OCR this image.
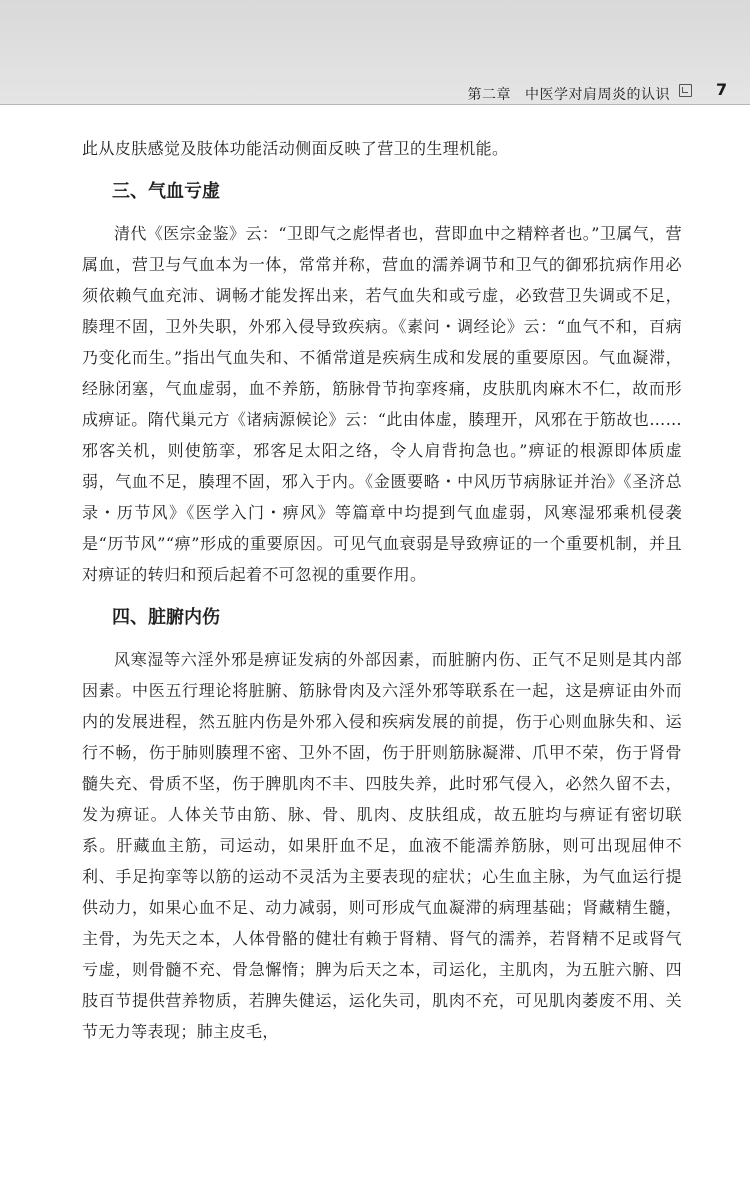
第二章 中医学对肩周炎的认识	7

此从皮肤感觉及肢体功能活动侧面反映了营卫的生理机能。

三、气血亏虚

清代《医宗金鉴》云：“卫即气之彪悍者也，营即血中之精粹者也。”卫属气，营属血，营卫与气血本为一体，常常并称，营血的濡养调节和卫气的御邪抗病作用必须依赖气血充沛、调畅才能发挥出来，若气血失和或亏虚，必致营卫失调或不足，腠理不固，卫外失职，外邪入侵导致疾病。《素问・调经论》云：“血气不和，百病乃变化而生。”指出气血失和、不循常道是疾病生成和发展的重要原因。气血凝滞，经脉闭塞，气血虚弱，血不养筋，筋脉骨节拘挛疼痛，皮肤肌肉麻木不仁，故而形成痹证。隋代巢元方《诸病源候论》云：“此由体虚，腠理开，风邪在于筋故也……邪客关机，则使筋挛，邪客足太阳之络，令人肩背拘急也。”痹证的根源即体质虚弱，气血不足，腠理不固，邪入于内。《金匮要略・中风历节病脉证并治》《圣济总录・历节风》《医学入门・痹风》等篇章中均提到气血虚弱，风寒湿邪乘机侵袭是“历节风”“痹”形成的重要原因。可见气血衰弱是导致痹证的一个重要机制，并且对痹证的转归和预后起着不可忽视的重要作用。

四、脏腑内伤

风寒湿等六淫外邪是痹证发病的外部因素，而脏腑内伤、正气不足则是其内部因素。中医五行理论将脏腑、筋脉骨肉及六淫外邪等联系在一起，这是痹证由外而内的发展进程，然五脏内伤是外邪入侵和疾病发展的前提，伤于心则血脉失和、运行不畅，伤于肺则腠理不密、卫外不固，伤于肝则筋脉凝滞、爪甲不荣，伤于肾骨髓失充、骨质不坚，伤于脾肌肉不丰、四肢失养，此时邪气侵入，必然久留不去，发为痹证。人体关节由筋、脉、骨、肌肉、皮肤组成，故五脏均与痹证有密切联系。肝藏血主筋，司运动，如果肝血不足，血液不能濡养筋脉，则可出现屈伸不利、手足拘挛等以筋的运动不灵活为主要表现的症状；心生血主脉，为气血运行提供动力，如果心血不足、动力减弱，则可形成气血凝滞的病理基础；肾藏精生髓，主骨，为先天之本，人体骨骼的健壮有赖于肾精、肾气的濡养，若肾精不足或肾气亏虚，则骨髓不充、骨急懈惰；脾为后天之本，司运化，主肌肉，为五脏六腑、四肢百节提供营养物质，若脾失健运，运化失司，肌肉不充，可见肌肉萎废不用、关节无力等表现；肺主皮毛，
